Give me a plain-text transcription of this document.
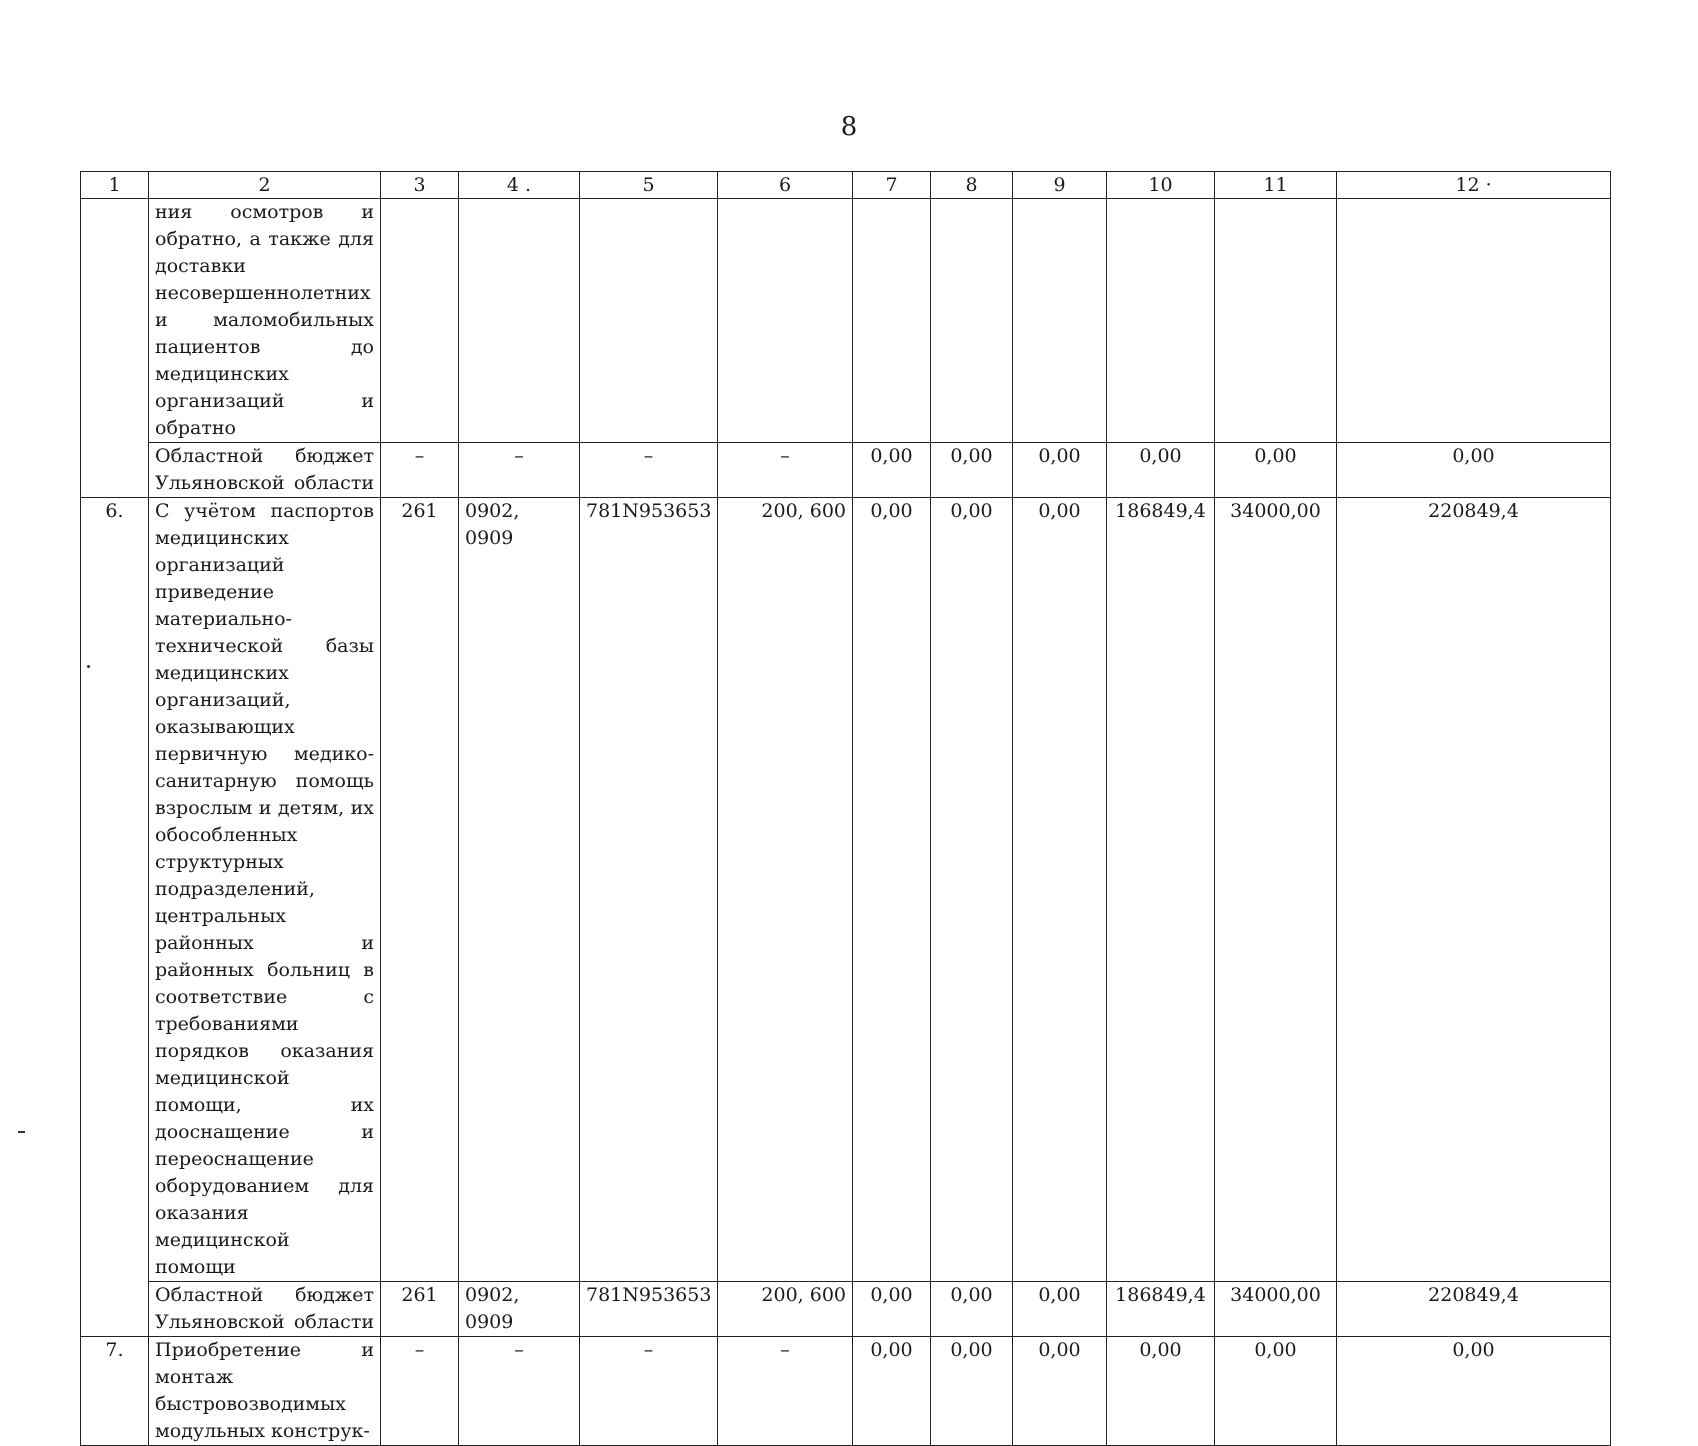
8
1	2	3	4 .	5	6	7	8	9	10	11	12 ·
	ния осмотров и обратно, а также для доставки несовершеннолетних и маломобильных пациентов до медицинских организаций и обратно										
	Областной бюджет Ульяновской области	–	–	–	–	0,00	0,00	0,00	0,00	0,00	0,00
6.	С учётом паспортов медицинских организаций приведение материально-технической базы медицинских организаций, оказывающих первичную медико-санитарную помощь взрослым и детям, их обособленных структурных подразделений, центральных районных и районных больниц в соответствие с требованиями порядков оказания медицинской помощи, их дооснащение и переоснащение оборудованием для оказания медицинской помощи	261	0902, 0909	781N953653	200, 600	0,00	0,00	0,00	186849,4	34000,00	220849,4
	Областной бюджет Ульяновской области	261	0902, 0909	781N953653	200, 600	0,00	0,00	0,00	186849,4	34000,00	220849,4
7.	Приобретение и монтаж быстровозводимых модульных конструк-	–	–	–	–	0,00	0,00	0,00	0,00	0,00	0,00
